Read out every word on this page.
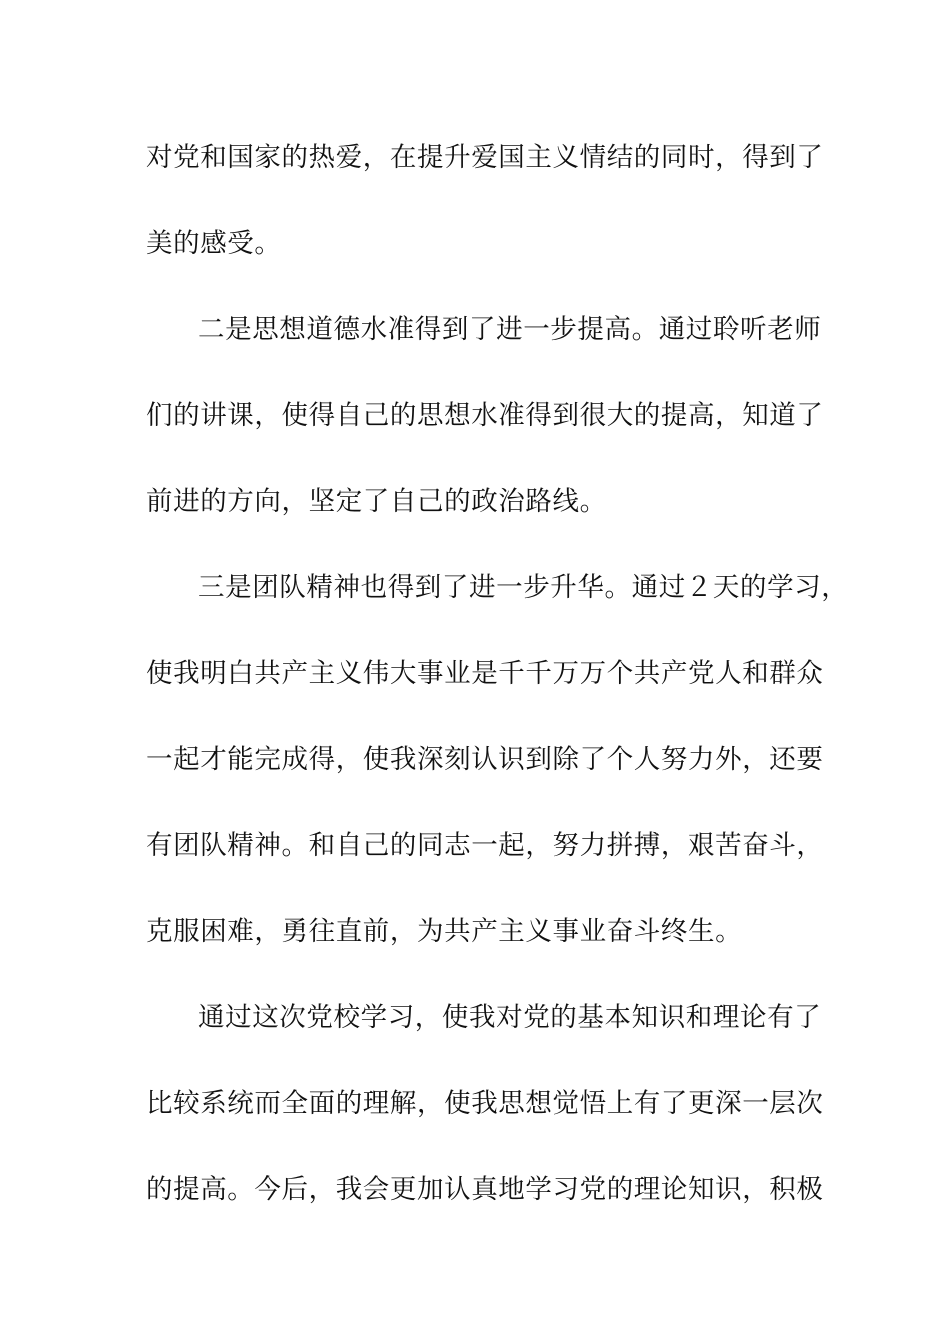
对党和国家的热爱，在提升爱国主义情结的同时，得到了
美的感受。
二是思想道德水准得到了进一步提高。通过聆听老师
们的讲课，使得自己的思想水准得到很大的提高，知道了
前进的方向，坚定了自己的政治路线。
三是团队精神也得到了进一步升华。通过２天的学习，
使我明白共产主义伟大事业是千千万万个共产党人和群众
一起才能完成得，使我深刻认识到除了个人努力外，还要
有团队精神。和自己的同志一起，努力拼搏，艰苦奋斗，
克服困难，勇往直前，为共产主义事业奋斗终生。
通过这次党校学习，使我对党的基本知识和理论有了
比较系统而全面的理解，使我思想觉悟上有了更深一层次
的提高。今后，我会更加认真地学习党的理论知识，积极
